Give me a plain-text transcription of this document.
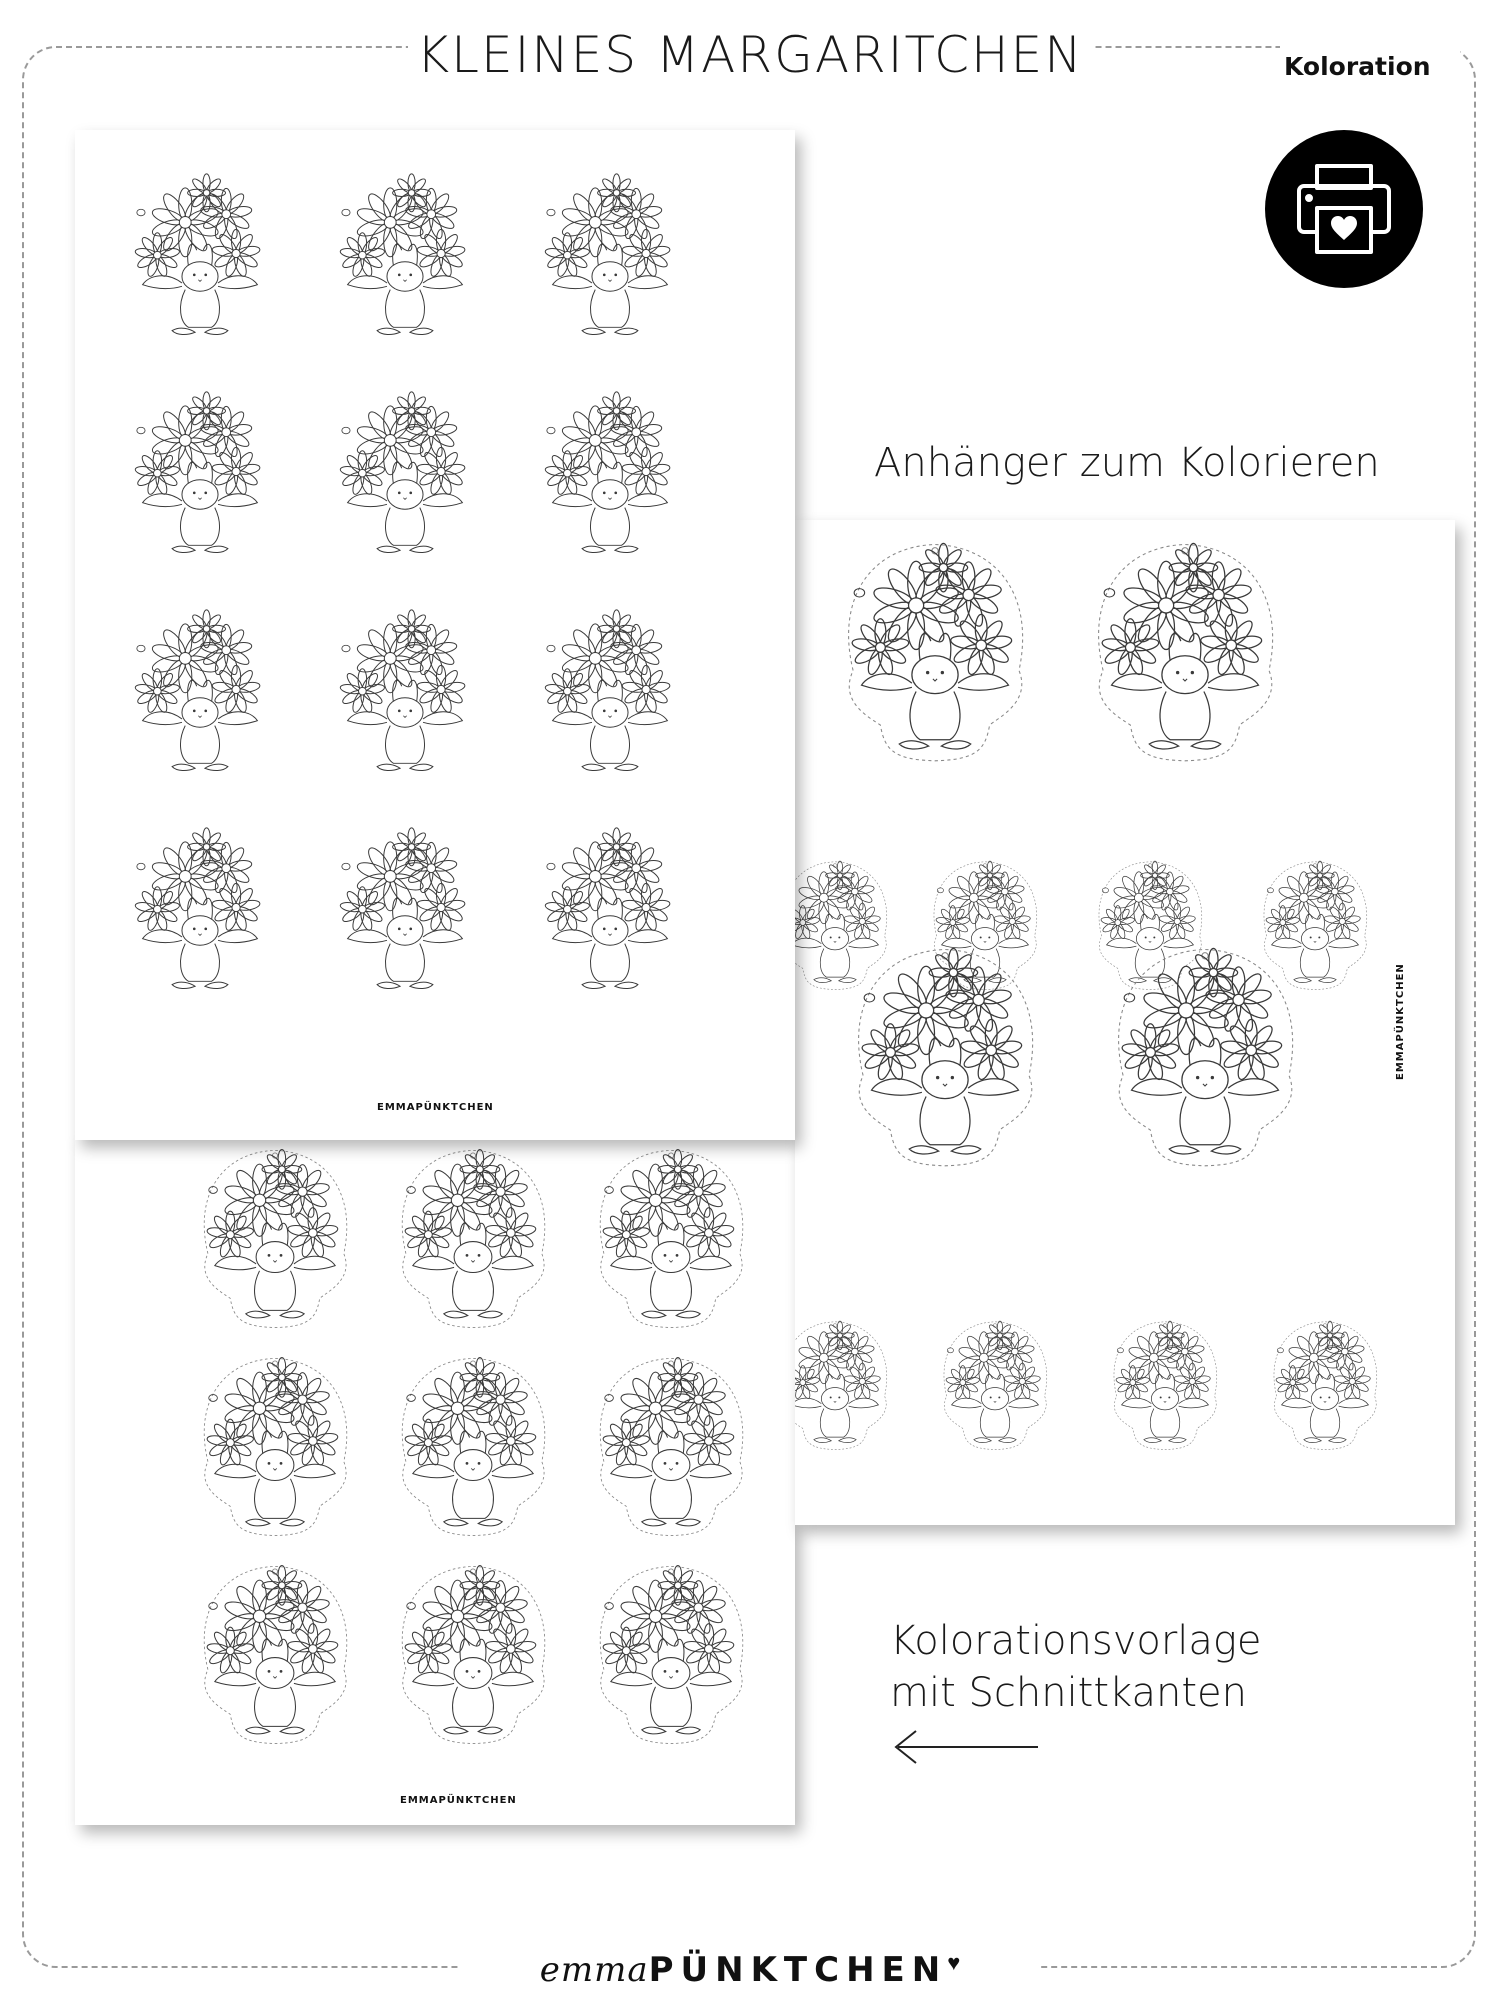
KLEINES MARGARITCHEN	Koloration
Anhänger zum Kolorieren
EMMAPÜNKTCHEN
EMMAPÜNKTCHEN
EMMAPÜNKTCHEN
Kolorationsvorlage
mit Schnittkanten
emmaPÜNKTCHEN♥
